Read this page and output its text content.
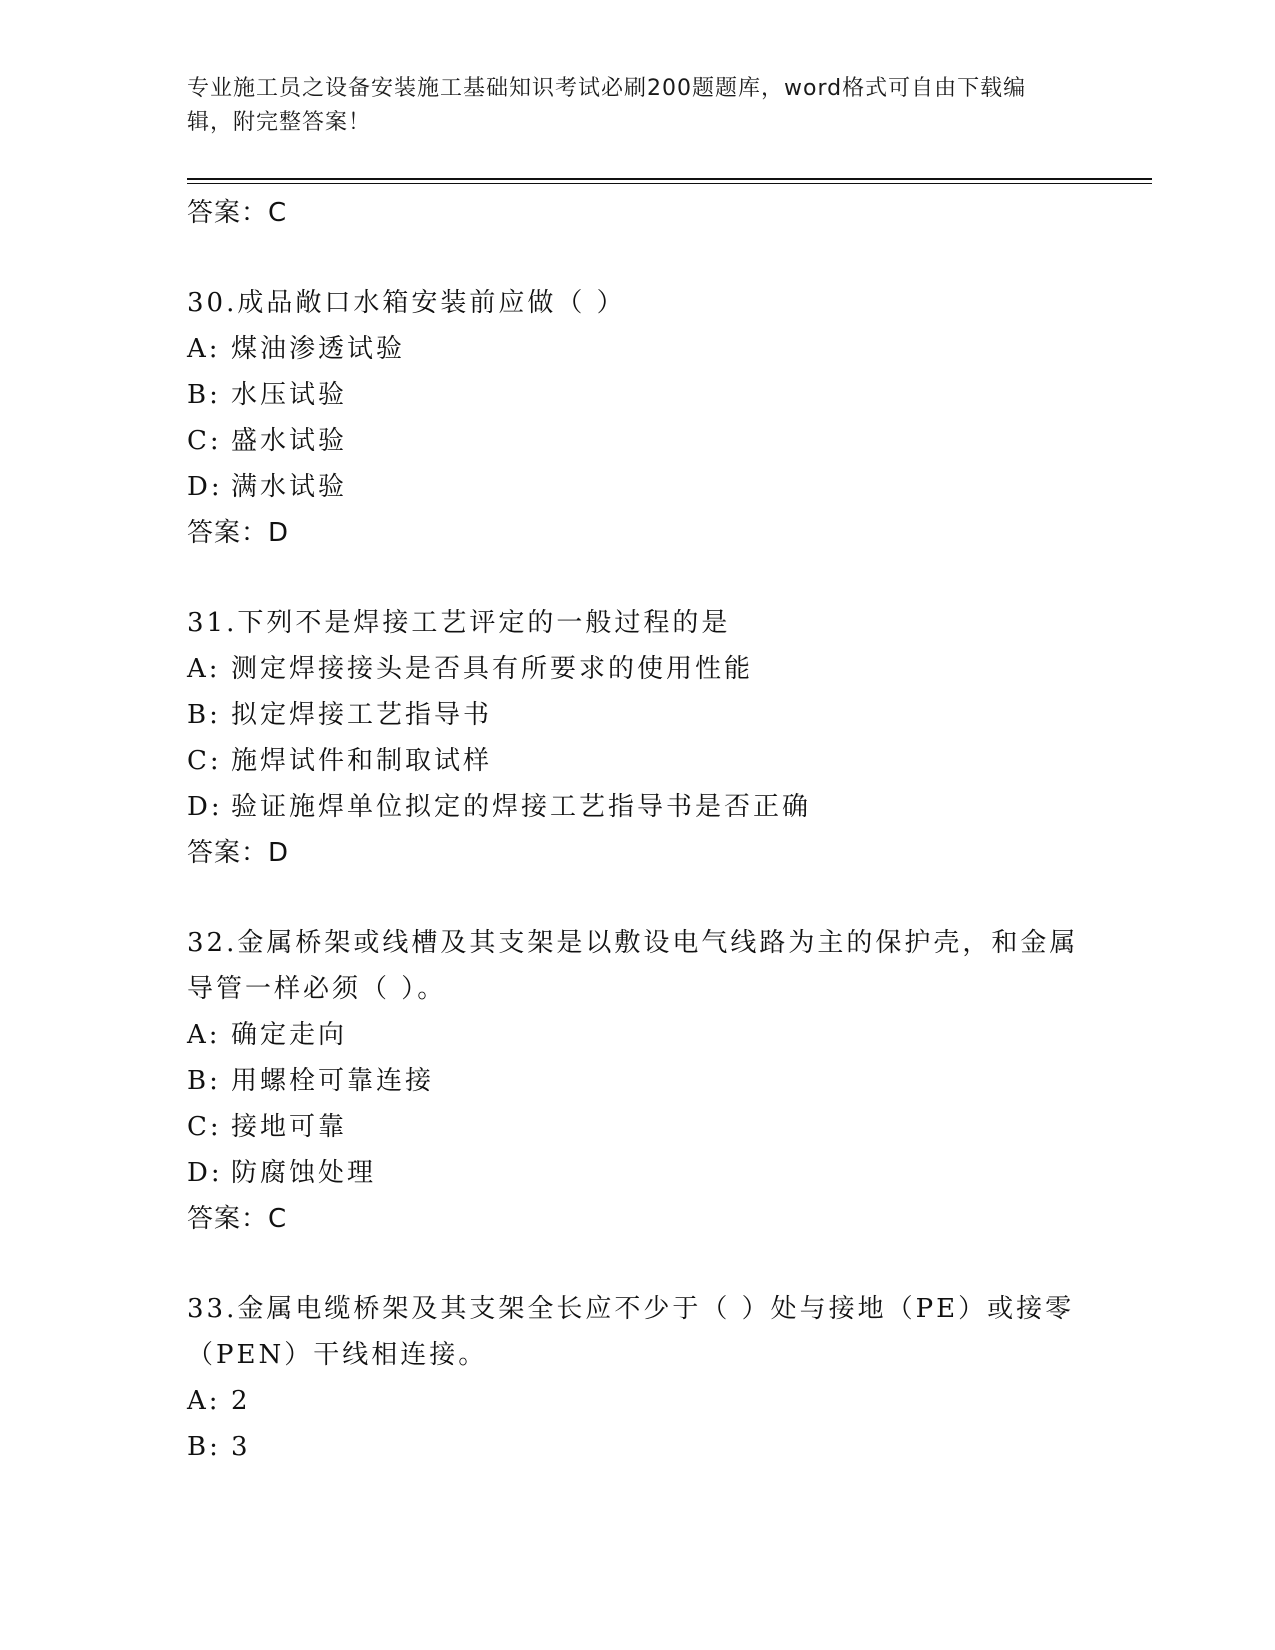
专业施工员之设备安装施工基础知识考试必刷200题题库，word格式可自由下载编辑，附完整答案！
答案：C
30.成品敞口水箱安装前应做（ ）
A: 煤油渗透试验
B: 水压试验
C: 盛水试验
D: 满水试验
答案：D
31.下列不是焊接工艺评定的一般过程的是
A: 测定焊接接头是否具有所要求的使用性能
B: 拟定焊接工艺指导书
C: 施焊试件和制取试样
D: 验证施焊单位拟定的焊接工艺指导书是否正确
答案：D
32.金属桥架或线槽及其支架是以敷设电气线路为主的保护壳，和金属导管一样必须（ ）。
A: 确定走向
B: 用螺栓可靠连接
C: 接地可靠
D: 防腐蚀处理
答案：C
33.金属电缆桥架及其支架全长应不少于（ ）处与接地（PE）或接零（PEN）干线相连接。
A: 2
B: 3
